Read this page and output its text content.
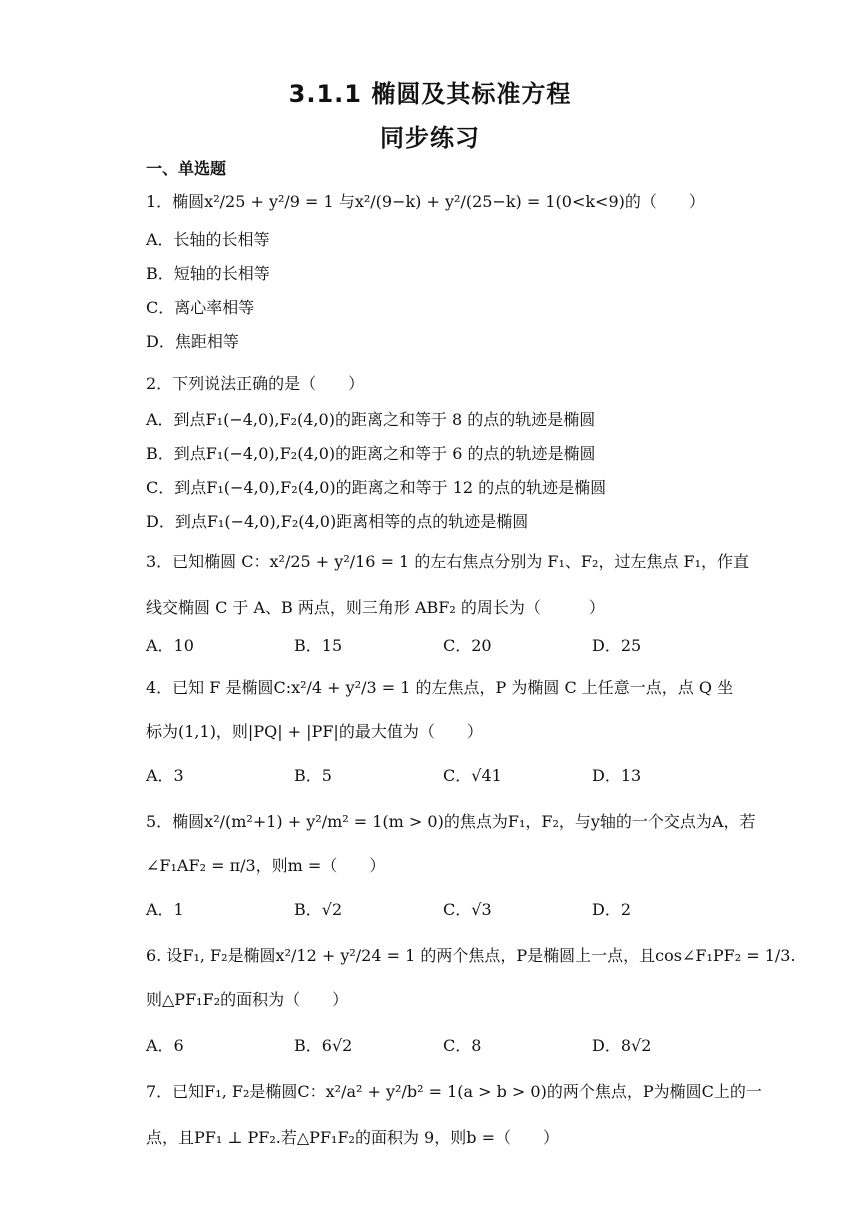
3.1.1 椭圆及其标准方程
同步练习
一、单选题
1．椭圆x²/25 + y²/9 = 1 与x²/(9−k) + y²/(25−k) = 1(0<k<9)的（　　）
A．长轴的长相等
B．短轴的长相等
C．离心率相等
D．焦距相等
2．下列说法正确的是（　　）
A．到点F₁(−4,0),F₂(4,0)的距离之和等于 8 的点的轨迹是椭圆
B．到点F₁(−4,0),F₂(4,0)的距离之和等于 6 的点的轨迹是椭圆
C．到点F₁(−4,0),F₂(4,0)的距离之和等于 12 的点的轨迹是椭圆
D．到点F₁(−4,0),F₂(4,0)距离相等的点的轨迹是椭圆
3．已知椭圆 C：x²/25 + y²/16 = 1 的左右焦点分别为 F₁、F₂，过左焦点 F₁，作直
线交椭圆 C 于 A、B 两点，则三角形 ABF₂ 的周长为（　　　）
A．10	B．15	C．20	D．25
4．已知 F 是椭圆C:x²/4 + y²/3 = 1 的左焦点，P 为椭圆 C 上任意一点，点 Q 坐
标为(1,1)，则|PQ| + |PF|的最大值为（　　）
A．3	B．5	C．√41	D．13
5．椭圆x²/(m²+1) + y²/m² = 1(m > 0)的焦点为F₁，F₂，与y轴的一个交点为A，若
∠F₁AF₂ = π/3，则m =（　　）
A．1	B．√2	C．√3	D．2
6. 设F₁, F₂是椭圆x²/12 + y²/24 = 1 的两个焦点，P是椭圆上一点，且cos∠F₁PF₂ = 1/3.
则△PF₁F₂的面积为（　　）
A．6	B．6√2	C．8	D．8√2
7．已知F₁, F₂是椭圆C：x²/a² + y²/b² = 1(a > b > 0)的两个焦点，P为椭圆C上的一
点，且PF₁ ⊥ PF₂.若△PF₁F₂的面积为 9，则b =（　　）
